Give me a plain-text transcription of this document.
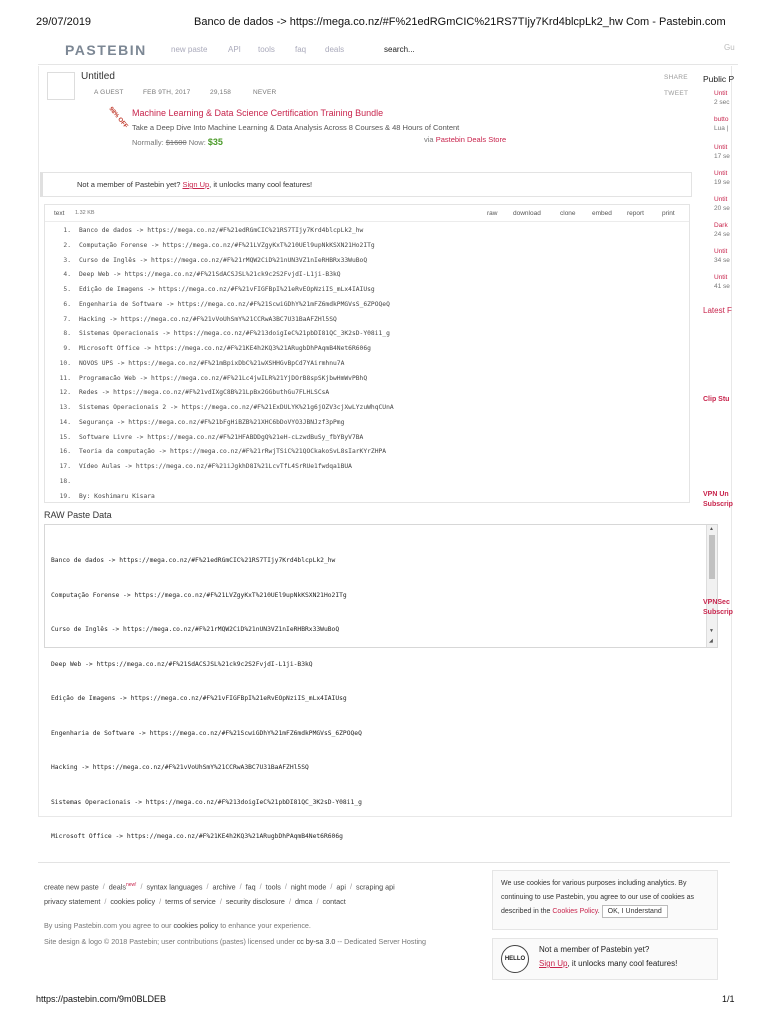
29/07/2019	Banco de dados -> https://mega.co.nz/#F%21edRGmCIC%21RS7TIjy7Krd4blcpLk2_hw Com - Pastebin.com
PASTEBIN	new paste	API tools	faq deals	search...	Gu
Untitled
A GUEST	FEB 9TH, 2017	29,158	NEVER
SHARE
TWEET
98% OFF Machine Learning & Data Science Certification Training Bundle
Take a Deep Dive Into Machine Learning & Data Analysis Across 8 Courses & 48 Hours of Content
Normally: $1600 Now: $35	via Pastebin Deals Store
Not a member of Pastebin yet? Sign Up, it unlocks many cool features!
text 1.32 KB	raw download	clone	embed report	print
1. Banco de dados -> https://mega.co.nz/#F%21edRGmCIC%21RS7TIjy7Krd4blcpLk2_hw
2. Computação Forense -> https://mega.co.nz/#F%21LVZgyKxT%210UEl9upNkKSXN21Ho2ITg
3. Curso de Inglês -> https://mega.co.nz/#F%21rMQW2CiD%21nUN3VZ1nIeRHBRx33WuBoQ
4. Deep Web -> https://mega.co.nz/#F%21SdACSJSL%21ck9c2S2FvjdI-L1ji-B3kQ
5. Edição de Imagens -> https://mega.co.nz/#F%21vFIGFBpI%21eRvEOpNziIS_mLx4IAIUsg
6. Engenharia de Software -> https://mega.co.nz/#F%21ScwiGDhY%21mFZ6mdkPMGVsS_6ZPOQeQ
7. Hacking -> https://mega.co.nz/#F%21vVoUhSmY%21CCRwA3BC7U31BaAFZHl5SQ
8. Sistemas Operacionais -> https://mega.co.nz/#F%213doigIeC%21pbDI81QC_3K2sD-Y08i1_g
9. Microsoft Office -> https://mega.co.nz/#F%21KE4h2KQ3%21ARugbDhPAqmB4Net6R606g
10. NOVOS UPS -> https://mega.co.nz/#F%21mBpixDbC%21wXSHHGvBpCd7YAirmhnu7A
11. Programacão Web -> https://mega.co.nz/#F%21Lc4jwILR%21YjDOrB8spSKjbwHmWvPBhQ
12. Redes -> https://mega.co.nz/#F%21vdIXgC8B%21LpBx2GGbuthGu7FLHLSCsA
13. Sistemas Operacionais 2 -> https://mega.co.nz/#F%21ExDULYK%21g6jOZV3cjXwLYzuWhqCUnA
14. Segurança -> https://mega.co.nz/#F%21bFgHiBZB%21XHC6bDoVYO3JBNJzf3pPmg
15. Software Livre -> https://mega.co.nz/#F%21HFABDDgQ%21eH-cLzwdBuSy_fbYByV7BA
16. Teoria da computação -> https://mega.co.nz/#F%21rRwjTSiC%21QOCkakoSvL8sIarKYrZHPA
17. Vídeo Aulas -> https://mega.co.nz/#F%21iJgkhD8I%21LcvTfL4SrRUe1fwdqa1BUA
18.
19. By: Koshimaru Kisara
RAW Paste Data

Banco de dados -> https://mega.co.nz/#F%21edRGmCIC%21RS7TIjy7Krd4blcpLk2_hw

Computação Forense -> https://mega.co.nz/#F%21LVZgyKxT%210UEl9upNkKSXN21Ho2ITg

Curso de Inglês -> https://mega.co.nz/#F%21rMQW2CiD%21nUN3VZ1nIeRHBRx33WuBoQ

Deep Web -> https://mega.co.nz/#F%21SdACSJSL%21ck9c2S2FvjdI-L1ji-B3kQ

Edição de Imagens -> https://mega.co.nz/#F%21vFIGFBpI%21eRvEOpNziIS_mLx4IAIUsg

Engenharia de Software -> https://mega.co.nz/#F%21ScwiGDhY%21mFZ6mdkPMGVsS_6ZPOQeQ

Hacking -> https://mega.co.nz/#F%21vVoUhSmY%21CCRwA3BC7U31BaAFZHl5SQ

Sistemas Operacionais -> https://mega.co.nz/#F%213doigIeC%21pbDI81QC_3K2sD-Y08i1_g

Microsoft Office -> https://mega.co.nz/#F%21KE4h2KQ3%21ARugbDhPAqmB4Net6R606g

▲
▼
◢
Public P
Untit
2 sec
butto
Lua |
Untit
17 se
Untit
19 se
Untit
20 se
Dark
24 se
Untit
34 se
Untit
41 se
Latest F
Clip Stu
VPN Un
Subscrip
VPNSec
Subscrip
create new paste / deals$^{new!}$ / syntax languages / archive / faq / tools / night mode / api / scraping api
privacy statement / cookies policy / terms of service / security disclosure / dmca / contact
By using Pastebin.com you agree to our cookies policy to enhance your experience.
Site design & logo © 2018 Pastebin; user contributions (pastes) licensed under cc by-sa 3.0 -- Dedicated Server Hosting
We use cookies for various purposes including analytics. By continuing to use Pastebin, you agree to our use of cookies as described in the Cookies Policy. OK, I Understand
HELLO
Not a member of Pastebin yet?
Sign Up, it unlocks many cool features!
https://pastebin.com/9m0BLDEB	1/1
